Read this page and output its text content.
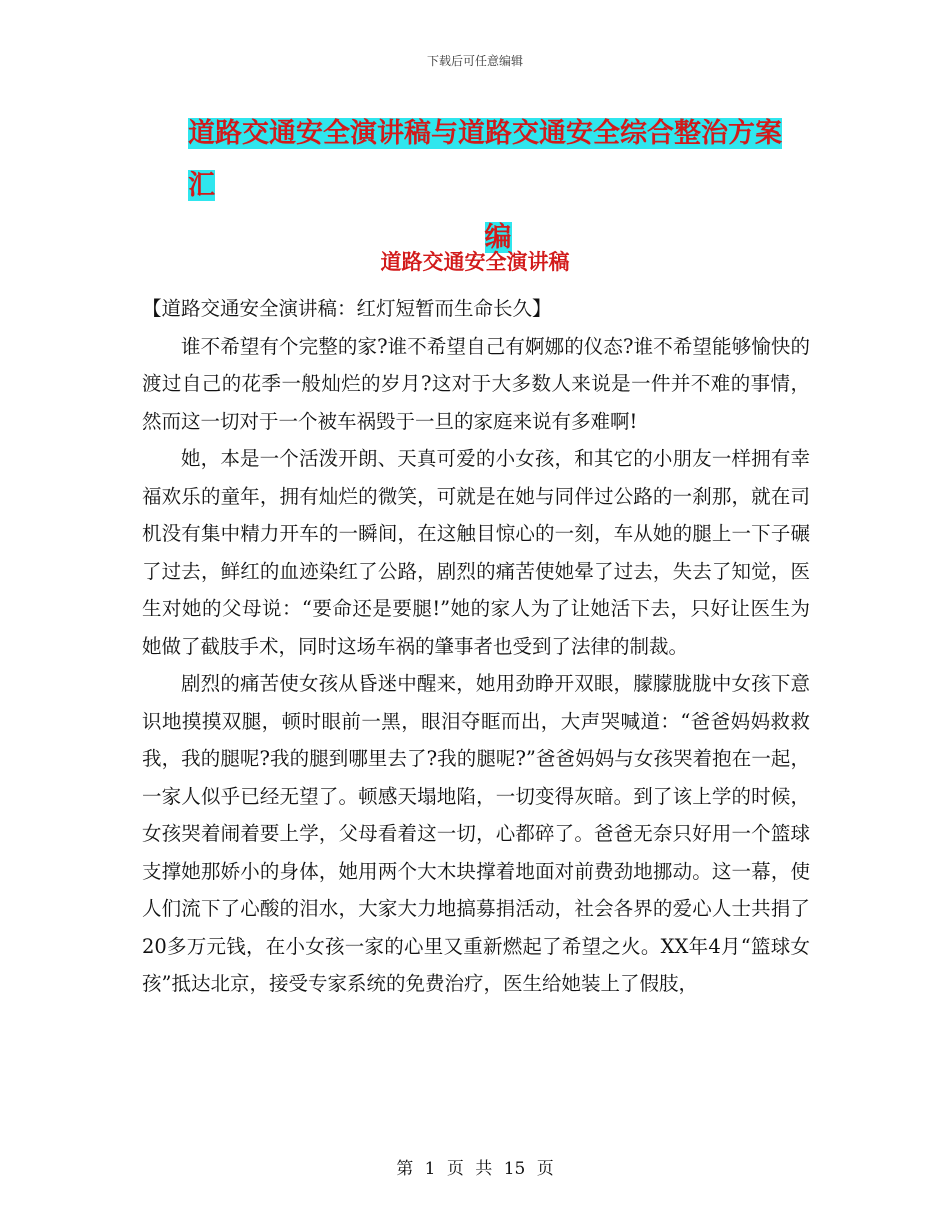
下载后可任意编辑
道路交通安全演讲稿与道路交通安全综合整治方案汇
编
道路交通安全演讲稿

【道路交通安全演讲稿：红灯短暂而生命长久】

谁不希望有个完整的家?谁不希望自己有婀娜的仪态?谁不希望能够愉快的渡过自己的花季一般灿烂的岁月?这对于大多数人来说是一件并不难的事情，然而这一切对于一个被车祸毁于一旦的家庭来说有多难啊!

她，本是一个活泼开朗、天真可爱的小女孩，和其它的小朋友一样拥有幸福欢乐的童年，拥有灿烂的微笑，可就是在她与同伴过公路的一刹那，就在司机没有集中精力开车的一瞬间，在这触目惊心的一刻，车从她的腿上一下子碾了过去，鲜红的血迹染红了公路，剧烈的痛苦使她晕了过去，失去了知觉，医生对她的父母说：“要命还是要腿!”她的家人为了让她活下去，只好让医生为她做了截肢手术，同时这场车祸的肇事者也受到了法律的制裁。

剧烈的痛苦使女孩从昏迷中醒来，她用劲睁开双眼，朦朦胧胧中女孩下意识地摸摸双腿，顿时眼前一黑，眼泪夺眶而出，大声哭喊道：“爸爸妈妈救救我，我的腿呢?我的腿到哪里去了?我的腿呢?”爸爸妈妈与女孩哭着抱在一起，一家人似乎已经无望了。顿感天塌地陷，一切变得灰暗。到了该上学的时候，女孩哭着闹着要上学，父母看着这一切，心都碎了。爸爸无奈只好用一个篮球支撑她那娇小的身体，她用两个大木块撑着地面对前费劲地挪动。这一幕，使人们流下了心酸的泪水，大家大力地搞募捐活动，社会各界的爱心人士共捐了20多万元钱，在小女孩一家的心里又重新燃起了希望之火。XX年4月“篮球女孩”抵达北京，接受专家系统的免费治疗，医生给她装上了假肢，

第 1 页 共 15 页
